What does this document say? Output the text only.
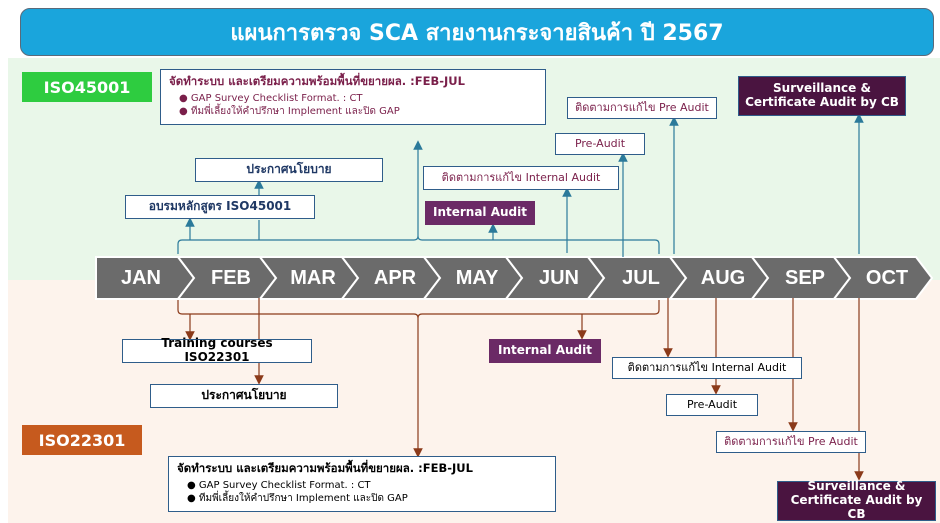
แผนการตรวจ SCA สายงานกระจายสินค้า ปี 2567
ISO45001
ISO22301
JAN	FEB	MAR	APR	MAY	JUN	JUL	AUG	SEP	OCT
จัดทำระบบ และเตรียมความพร้อมพื้นที่ขยายผล. :FEB-JUL
● GAP Survey Checklist Format. : CT
● ทีมพี่เลี้ยงให้คำปรึกษา Implement และปิด GAP
ประกาศนโยบาย
อบรมหลักสูตร ISO45001
ติดตามการแก้ไข Internal Audit
Internal Audit
Pre-Audit
ติดตามการแก้ไข Pre Audit
Surveillance & Certificate Audit by CB
Training courses ISO22301
ประกาศนโยบาย
Internal Audit
ติดตามการแก้ไข Internal Audit
Pre-Audit
ติดตามการแก้ไข Pre Audit
จัดทำระบบ และเตรียมความพร้อมพื้นที่ขยายผล. :FEB-JUL
● GAP Survey Checklist Format. : CT
● ทีมพี่เลี้ยงให้คำปรึกษา Implement และปิด GAP
Surveillance & Certificate Audit by CB
